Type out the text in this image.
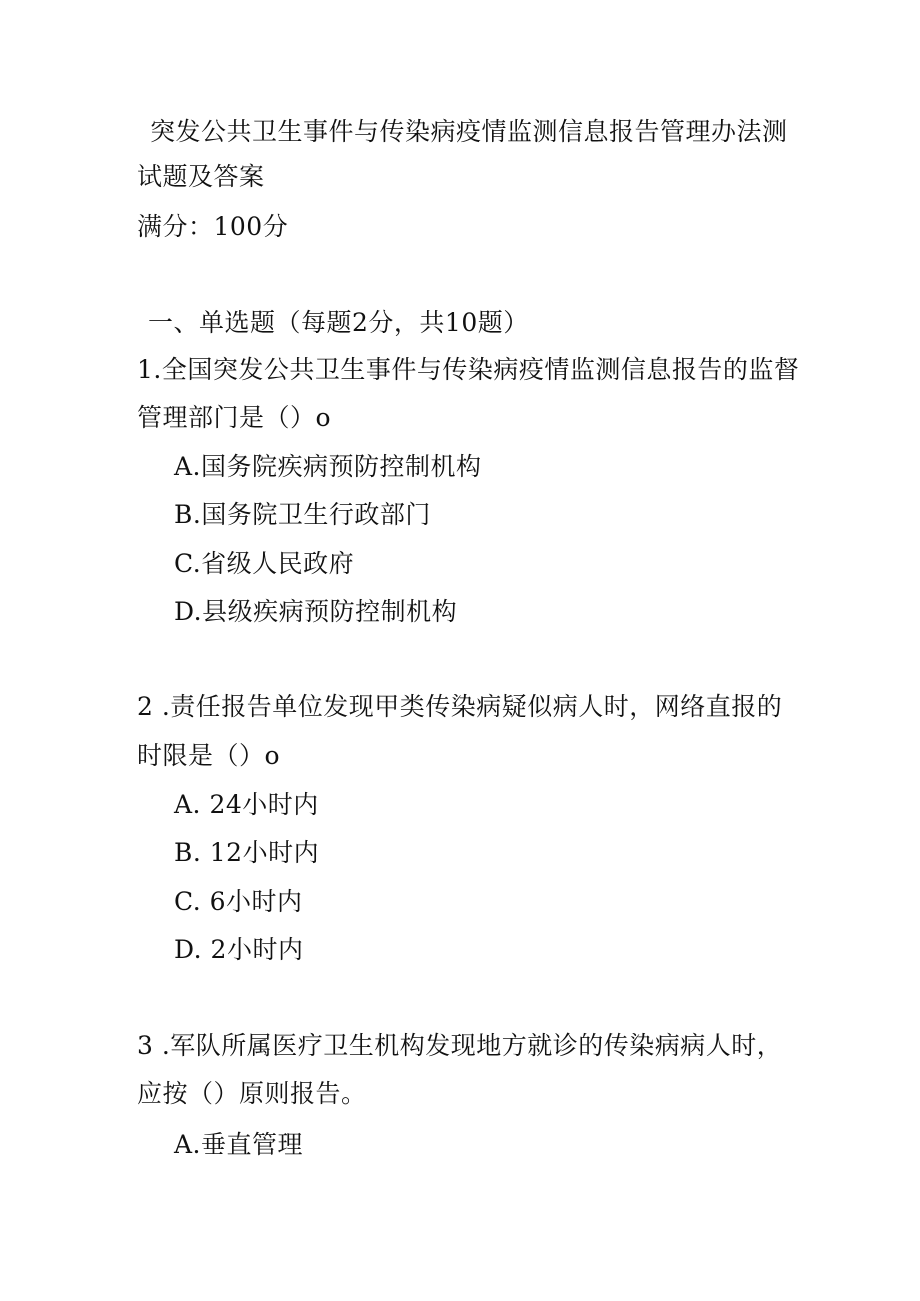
突发公共卫生事件与传染病疫情监测信息报告管理办法测
试题及答案
满分：100分
一、单选题（每题2分，共10题）
1.全国突发公共卫生事件与传染病疫情监测信息报告的监督
管理部门是（）o
A.国务院疾病预防控制机构
B.国务院卫生行政部门
C.省级人民政府
D.县级疾病预防控制机构
2 .责任报告单位发现甲类传染病疑似病人时，网络直报的
时限是（）o
A. 24小时内
B. 12小时内
C. 6小时内
D. 2小时内
3 .军队所属医疗卫生机构发现地方就诊的传染病病人时，
应按（）原则报告。
A.垂直管理
